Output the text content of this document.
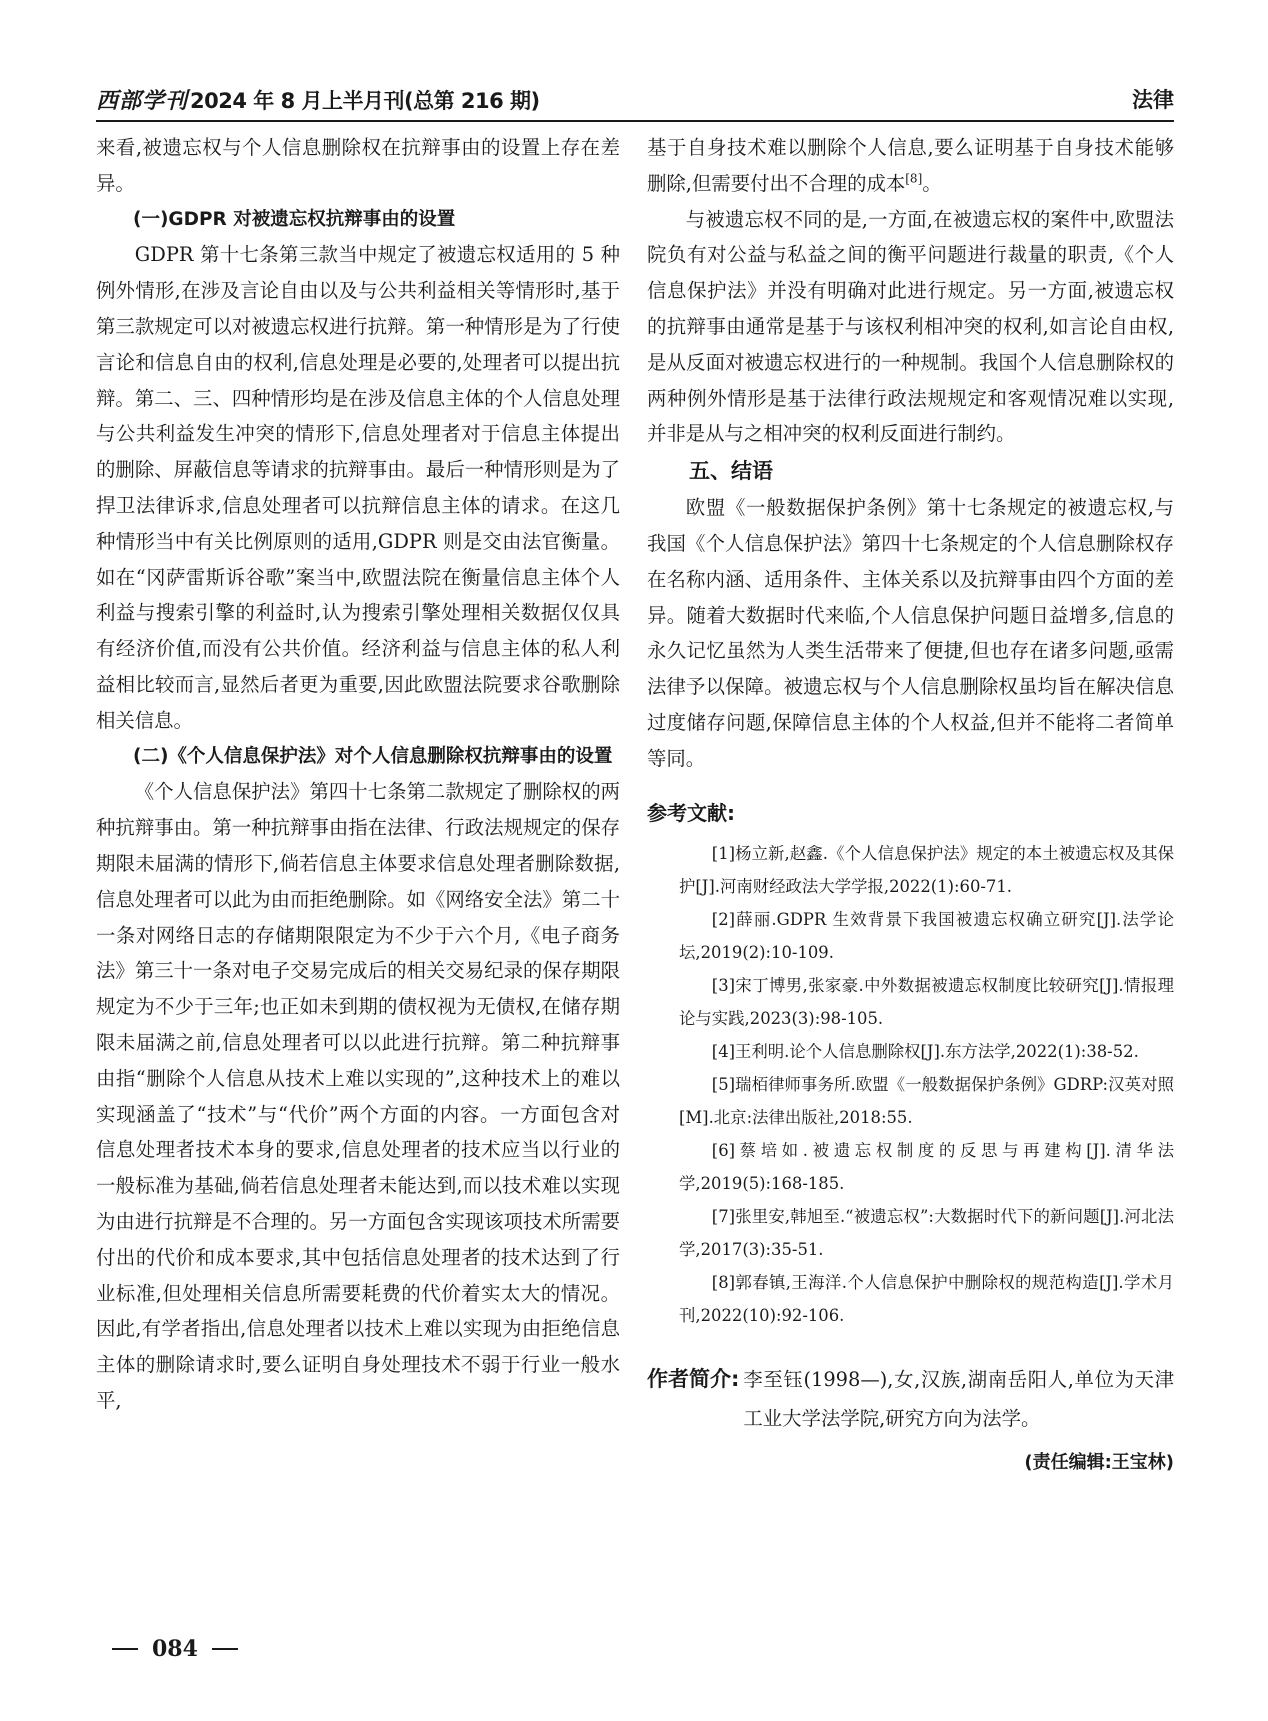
西部学刊 2024 年 8 月上半月刊(总第 216 期)	法律

来看,被遗忘权与个人信息删除权在抗辩事由的设置上存在差异。

(一)GDPR 对被遗忘权抗辩事由的设置

GDPR 第十七条第三款当中规定了被遗忘权适用的 5 种例外情形,在涉及言论自由以及与公共利益相关等情形时,基于第三款规定可以对被遗忘权进行抗辩。第一种情形是为了行使言论和信息自由的权利,信息处理是必要的,处理者可以提出抗辩。第二、三、四种情形均是在涉及信息主体的个人信息处理与公共利益发生冲突的情形下,信息处理者对于信息主体提出的删除、屏蔽信息等请求的抗辩事由。最后一种情形则是为了捍卫法律诉求,信息处理者可以抗辩信息主体的请求。在这几种情形当中有关比例原则的适用,GDPR 则是交由法官衡量。如在“冈萨雷斯诉谷歌”案当中,欧盟法院在衡量信息主体个人利益与搜索引擎的利益时,认为搜索引擎处理相关数据仅仅具有经济价值,而没有公共价值。经济利益与信息主体的私人利益相比较而言,显然后者更为重要,因此欧盟法院要求谷歌删除相关信息。

(二)《个人信息保护法》对个人信息删除权抗辩事由的设置

《个人信息保护法》第四十七条第二款规定了删除权的两种抗辩事由。第一种抗辩事由指在法律、行政法规规定的保存期限未届满的情形下,倘若信息主体要求信息处理者删除数据,信息处理者可以此为由而拒绝删除。如《网络安全法》第二十一条对网络日志的存储期限限定为不少于六个月,《电子商务法》第三十一条对电子交易完成后的相关交易纪录的保存期限规定为不少于三年;也正如未到期的债权视为无债权,在储存期限未届满之前,信息处理者可以以此进行抗辩。第二种抗辩事由指“删除个人信息从技术上难以实现的”,这种技术上的难以实现涵盖了“技术”与“代价”两个方面的内容。一方面包含对信息处理者技术本身的要求,信息处理者的技术应当以行业的一般标准为基础,倘若信息处理者未能达到,而以技术难以实现为由进行抗辩是不合理的。另一方面包含实现该项技术所需要付出的代价和成本要求,其中包括信息处理者的技术达到了行业标准,但处理相关信息所需要耗费的代价着实太大的情况。因此,有学者指出,信息处理者以技术上难以实现为由拒绝信息主体的删除请求时,要么证明自身处理技术不弱于行业一般水平,

基于自身技术难以删除个人信息,要么证明基于自身技术能够删除,但需要付出不合理的成本[8]。

与被遗忘权不同的是,一方面,在被遗忘权的案件中,欧盟法院负有对公益与私益之间的衡平问题进行裁量的职责,《个人信息保护法》并没有明确对此进行规定。另一方面,被遗忘权的抗辩事由通常是基于与该权利相冲突的权利,如言论自由权,是从反面对被遗忘权进行的一种规制。我国个人信息删除权的两种例外情形是基于法律行政法规规定和客观情况难以实现,并非是从与之相冲突的权利反面进行制约。

五、结语

欧盟《一般数据保护条例》第十七条规定的被遗忘权,与我国《个人信息保护法》第四十七条规定的个人信息删除权存在名称内涵、适用条件、主体关系以及抗辩事由四个方面的差异。随着大数据时代来临,个人信息保护问题日益增多,信息的永久记忆虽然为人类生活带来了便捷,但也存在诸多问题,亟需法律予以保障。被遗忘权与个人信息删除权虽均旨在解决信息过度储存问题,保障信息主体的个人权益,但并不能将二者简单等同。

参考文献:

[1]杨立新,赵鑫.《个人信息保护法》规定的本土被遗忘权及其保护[J].河南财经政法大学学报,2022(1):60-71.

[2]薛丽.GDPR 生效背景下我国被遗忘权确立研究[J].法学论坛,2019(2):10-109.

[3]宋丁博男,张家豪.中外数据被遗忘权制度比较研究[J].情报理论与实践,2023(3):98-105.

[4]王利明.论个人信息删除权[J].东方法学,2022(1):38-52.

[5]瑞栢律师事务所.欧盟《一般数据保护条例》GDRP:汉英对照[M].北京:法律出版社,2018:55.

[6]蔡培如.被遗忘权制度的反思与再建构[J].清华法学,2019(5):168-185.

[7]张里安,韩旭至.“被遗忘权”:大数据时代下的新问题[J].河北法学,2017(3):35-51.

[8]郭春镇,王海洋.个人信息保护中删除权的规范构造[J].学术月刊,2022(10):92-106.

作者简介: 李至钰(1998—),女,汉族,湖南岳阳人,单位为天津工业大学法学院,研究方向为法学。
(责任编辑:王宝林)
084
